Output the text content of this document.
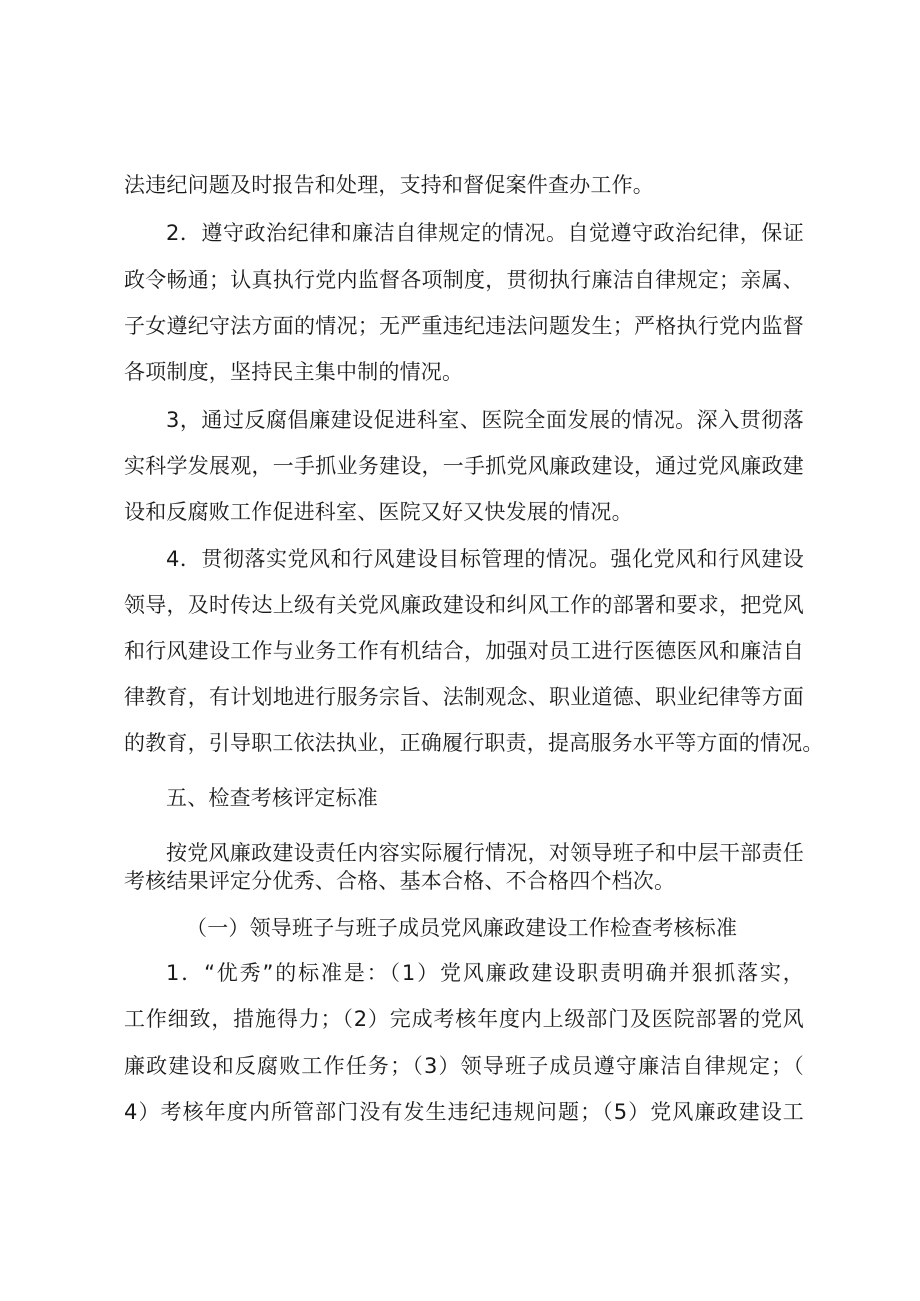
法违纪问题及时报告和处理，支持和督促案件查办工作。
2．遵守政治纪律和廉洁自律规定的情况。自觉遵守政治纪律，保证
政令畅通；认真执行党内监督各项制度，贯彻执行廉洁自律规定；亲属、
子女遵纪守法方面的情况；无严重违纪违法问题发生；严格执行党内监督
各项制度，坚持民主集中制的情况。
3，通过反腐倡廉建设促进科室、医院全面发展的情况。深入贯彻落
实科学发展观，一手抓业务建设，一手抓党风廉政建设，通过党风廉政建
设和反腐败工作促进科室、医院又好又快发展的情况。
4．贯彻落实党风和行风建设目标管理的情况。强化党风和行风建设
领导，及时传达上级有关党风廉政建设和纠风工作的部署和要求，把党风
和行风建设工作与业务工作有机结合，加强对员工进行医德医风和廉洁自
律教育，有计划地进行服务宗旨、法制观念、职业道德、职业纪律等方面
的教育，引导职工依法执业，正确履行职责，提高服务水平等方面的情况。
五、检查考核评定标准
按党风廉政建设责任内容实际履行情况，对领导班子和中层干部责任
考核结果评定分优秀、合格、基本合格、不合格四个档次。
（一）领导班子与班子成员党风廉政建设工作检查考核标准
1．“优秀”的标准是：（1）党风廉政建设职责明确并狠抓落实，
工作细致，措施得力；（2）完成考核年度内上级部门及医院部署的党风
廉政建设和反腐败工作任务；（3）领导班子成员遵守廉洁自律规定；（
4）考核年度内所管部门没有发生违纪违规问题；（5）党风廉政建设工
